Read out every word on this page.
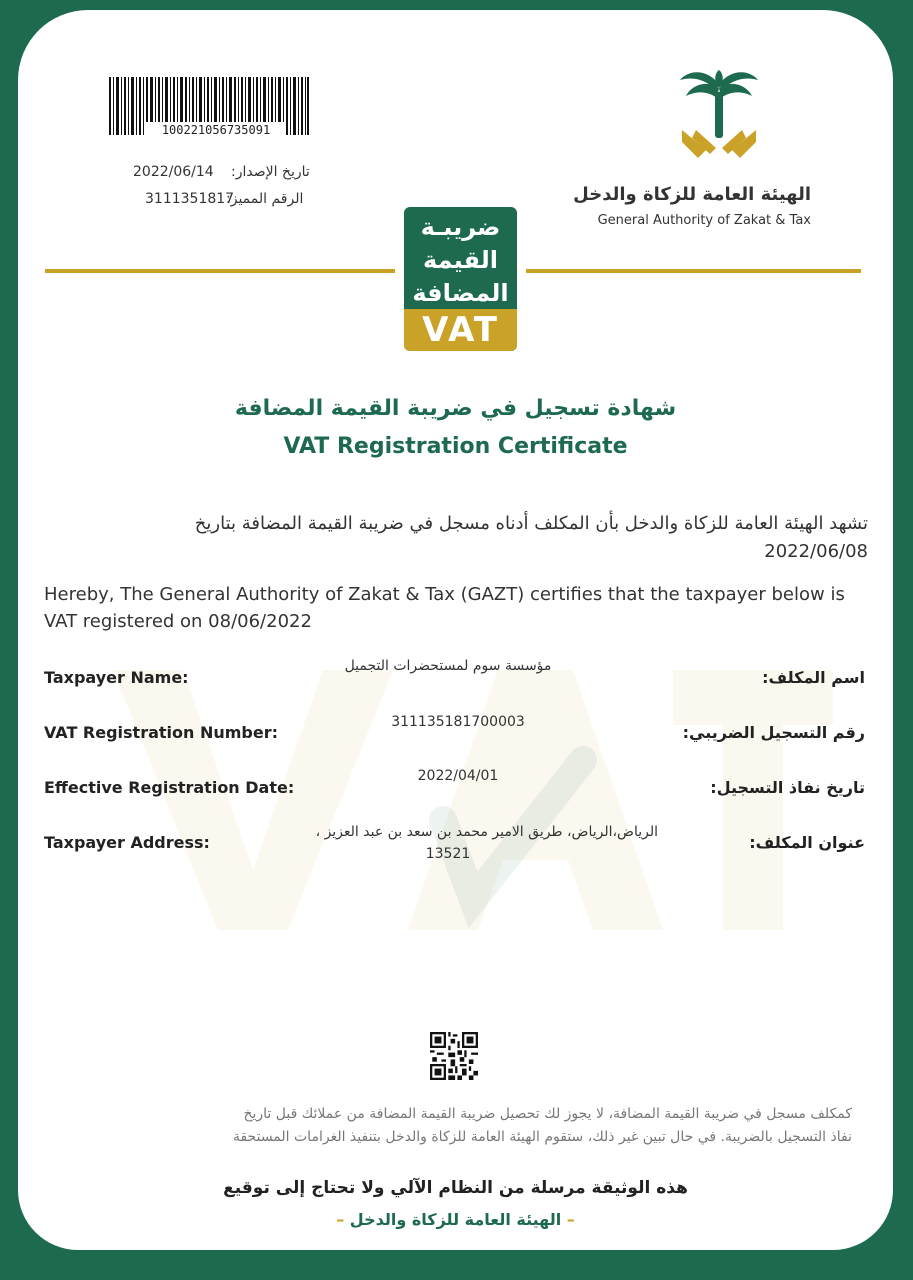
100221056735091
2022/06/14 تاريخ الإصدار:
3111351817
الرقم المميز:	الهيئة العامة للزكاة والدخل
General Authority of Zakat & Tax
ضريبـة
القيمة
المضافة
VAT
شهادة تسجيل في ضريبة القيمة المضافة
VAT Registration Certificate
تشهد الهيئة العامة للزكاة والدخل بأن المكلف أدناه مسجل في ضريبة القيمة المضافة بتاريخ 2022/06/08
Hereby, The General Authority of Zakat & Tax (GAZT) certifies that the taxpayer below is VAT registered on 08/06/2022
Taxpayer Name:
مؤسسة سوم لمستحضرات التجميل
اسم المكلف:
VAT Registration Number:
311135181700003
رقم التسجيل الضريبي:
Effective Registration Date:
2022/04/01
تاريخ نفاذ التسجيل:
Taxpayer Address:
الرياض،الرياض، طريق الامير محمد بن سعد بن عبد العزيز ،
13521
عنوان المكلف:
كمكلف مسجل في ضريبة القيمة المضافة، لا يجوز لك تحصيل ضريبة القيمة المضافة من عملائك قبل تاريخ
نفاذ التسجيل بالضريبة. في حال تبين غير ذلك، ستقوم الهيئة العامة للزكاة والدخل بتنفيذ الغرامات المستحقة
هذه الوثيقة مرسلة من النظام الآلي ولا تحتاج إلى توقيع
– الهيئة العامة للزكاة والدخل –
